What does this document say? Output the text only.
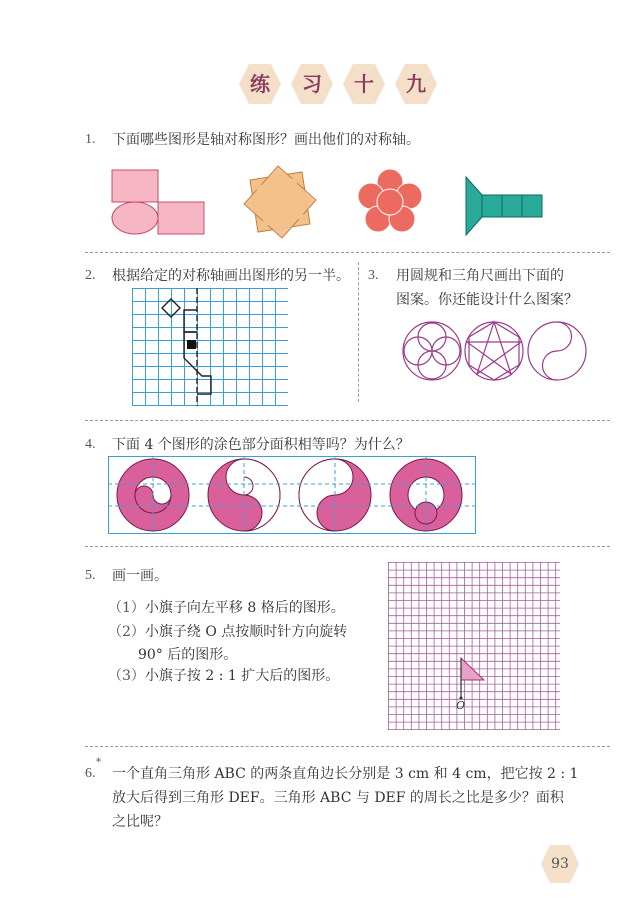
练	习	十	九
1. 下面哪些图形是轴对称图形？画出他们的对称轴。
2. 根据给定的对称轴画出图形的另一半。 3. 用圆规和三角尺画出下面的
图案。你还能设计什么图案？
4. 下面 4 个图形的涂色部分面积相等吗？为什么？
5. 画一画。
（1）小旗子向左平移 8 格后的图形。
（2）小旗子绕 O 点按顺时针方向旋转
90° 后的图形。
（3）小旗子按 2 : 1 扩大后的图形。
O
6.
*
一个直角三角形 ABC 的两条直角边长分别是 3 cm 和 4 cm，把它按 2 : 1
放大后得到三角形 DEF。三角形 ABC 与 DEF 的周长之比是多少？面积
之比呢？
93
